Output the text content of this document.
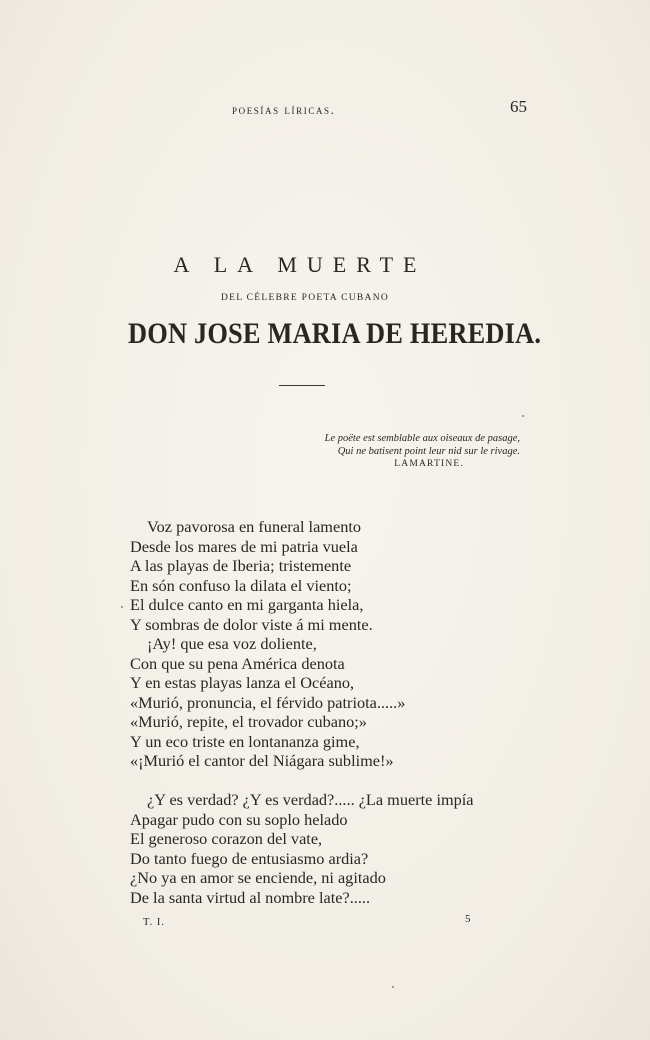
poesías líricas.	65
A LA MUERTE
DEL CÉLEBRE POETA CUBANO
DON JOSE MARIA DE HEREDIA.
Le poëte est semblable aux oiseaux de pasage,
Qui ne batisent point leur nid sur le rivage.
LAMARTINE.
Voz pavorosa en funeral lamento
Desde los mares de mi patria vuela
A las playas de Iberia; tristemente
En són confuso la dilata el viento;
El dulce canto en mi garganta hiela,
Y sombras de dolor viste á mi mente.
¡Ay! que esa voz doliente,
Con que su pena América denota
Y en estas playas lanza el Océano,
«Murió, pronuncia, el férvido patriota.....»
«Murió, repite, el trovador cubano;»
Y un eco triste en lontananza gime,
«¡Murió el cantor del Niágara sublime!»
¿Y es verdad? ¿Y es verdad?..... ¿La muerte impía
Apagar pudo con su soplo helado
El generoso corazon del vate,
Do tanto fuego de entusiasmo ardia?
¿No ya en amor se enciende, ni agitado
De la santa virtud al nombre late?.....
T. I.	5
